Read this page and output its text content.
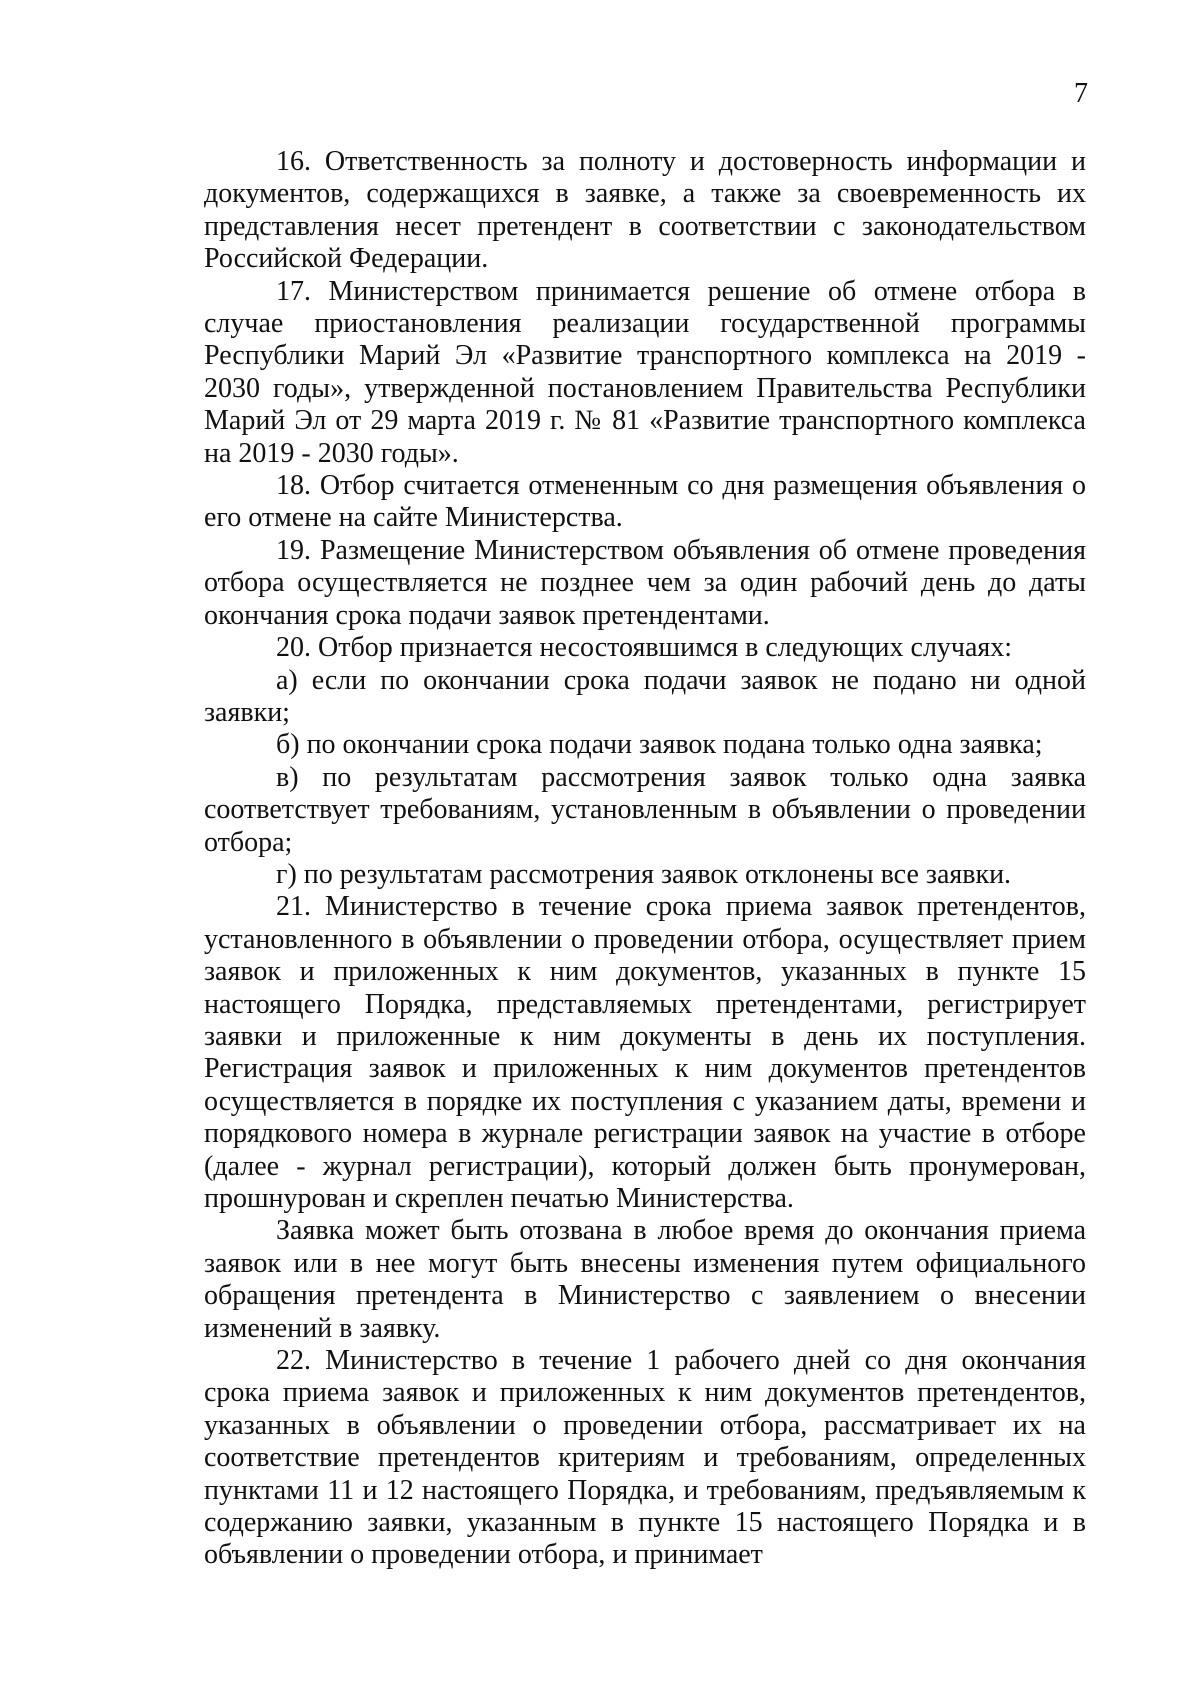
7

16. Ответственность за полноту и достоверность информации и документов, содержащихся в заявке, а также за своевременность их представления несет претендент в соответствии с законодательством Российской Федерации.

17. Министерством принимается решение об отмене отбора в случае приостановления реализации государственной программы Республики Марий Эл «Развитие транспортного комплекса на 2019 - 2030 годы», утвержденной постановлением Правительства Республики Марий Эл от 29 марта 2019 г. № 81 «Развитие транспортного комплекса на 2019 - 2030 годы».

18. Отбор считается отмененным со дня размещения объявления о его отмене на сайте Министерства.

19. Размещение Министерством объявления об отмене проведения отбора осуществляется не позднее чем за один рабочий день до даты окончания срока подачи заявок претендентами.

20. Отбор признается несостоявшимся в следующих случаях:

а) если по окончании срока подачи заявок не подано ни одной заявки;

б) по окончании срока подачи заявок подана только одна заявка;

в) по результатам рассмотрения заявок только одна заявка соответствует требованиям, установленным в объявлении о проведении отбора;

г) по результатам рассмотрения заявок отклонены все заявки.

21. Министерство в течение срока приема заявок претендентов, установленного в объявлении о проведении отбора, осуществляет прием заявок и приложенных к ним документов, указанных в пункте 15 настоящего Порядка, представляемых претендентами, регистрирует заявки и приложенные к ним документы в день их поступления. Регистрация заявок и приложенных к ним документов претендентов осуществляется в порядке их поступления с указанием даты, времени и порядкового номера в журнале регистрации заявок на участие в отборе (далее - журнал регистрации), который должен быть пронумерован, прошнурован и скреплен печатью Министерства.

Заявка может быть отозвана в любое время до окончания приема заявок или в нее могут быть внесены изменения путем официального обращения претендента в Министерство с заявлением о внесении изменений в заявку.

22. Министерство в течение 1 рабочего дней со дня окончания срока приема заявок и приложенных к ним документов претендентов, указанных в объявлении о проведении отбора, рассматривает их на соответствие претендентов критериям и требованиям, определенных пунктами 11 и 12 настоящего Порядка, и требованиям, предъявляемым к содержанию заявки, указанным в пункте 15 настоящего Порядка и в объявлении о проведении отбора, и принимает
